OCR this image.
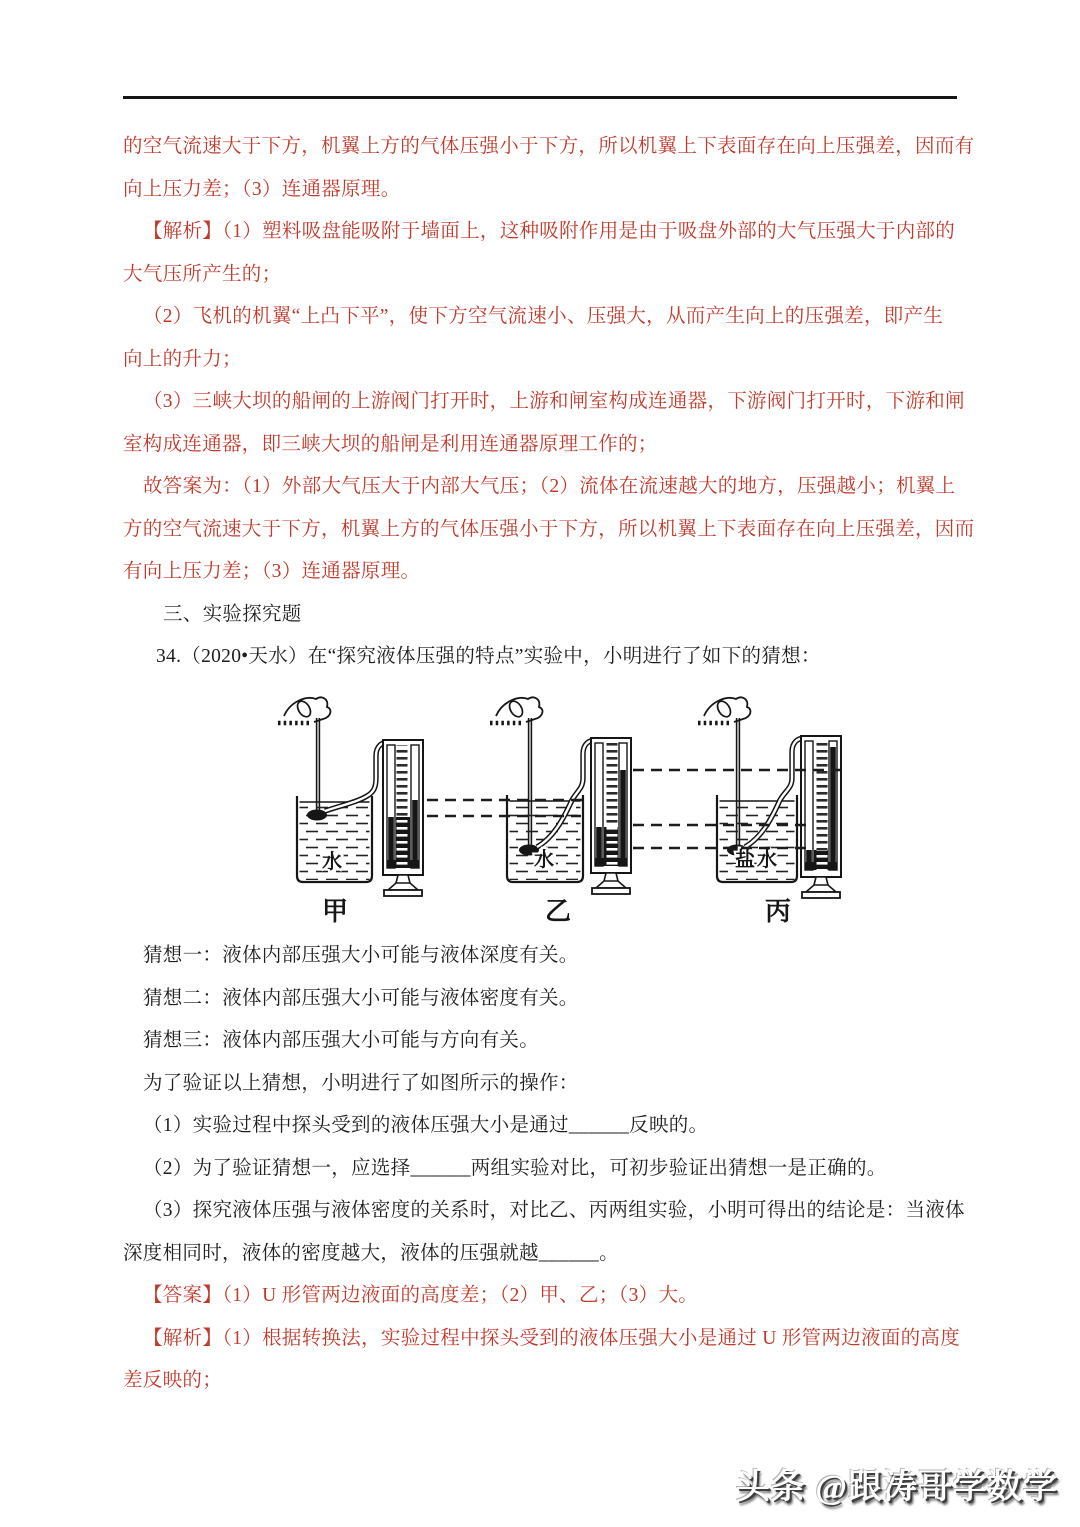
的空气流速大于下方，机翼上方的气体压强小于下方，所以机翼上下表面存在向上压强差，因而有
向上压力差；（3）连通器原理。
【解析】（1）塑料吸盘能吸附于墙面上，这种吸附作用是由于吸盘外部的大气压强大于内部的
大气压所产生的；
（2）飞机的机翼“上凸下平”，使下方空气流速小、压强大，从而产生向上的压强差，即产生
向上的升力；
（3）三峡大坝的船闸的上游阀门打开时，上游和闸室构成连通器，下游阀门打开时，下游和闸
室构成连通器，即三峡大坝的船闸是利用连通器原理工作的；
故答案为：（1）外部大气压大于内部大气压；（2）流体在流速越大的地方，压强越小；机翼上
方的空气流速大于下方，机翼上方的气体压强小于下方，所以机翼上下表面存在向上压强差，因而
有向上压力差；（3）连通器原理。
三、实验探究题
34.（2020•天水）在“探究液体压强的特点”实验中，小明进行了如下的猜想：
猜想一：液体内部压强大小可能与液体深度有关。
猜想二：液体内部压强大小可能与液体密度有关。
猜想三：液体内部压强大小可能与方向有关。
为了验证以上猜想，小明进行了如图所示的操作：
（1）实验过程中探头受到的液体压强大小是通过______反映的。
（2）为了验证猜想一，应选择______两组实验对比，可初步验证出猜想一是正确的。
（3）探究液体压强与液体密度的关系时，对比乙、丙两组实验，小明可得出的结论是：当液体
深度相同时，液体的密度越大，液体的压强就越______。
【答案】（1）U 形管两边液面的高度差；（2）甲、乙；（3）大。
【解析】（1）根据转换法，实验过程中探头受到的液体压强大小是通过 U 形管两边液面的高度
差反映的；
水
甲
水
乙
盐水
丙
头条 @跟涛哥学数学
